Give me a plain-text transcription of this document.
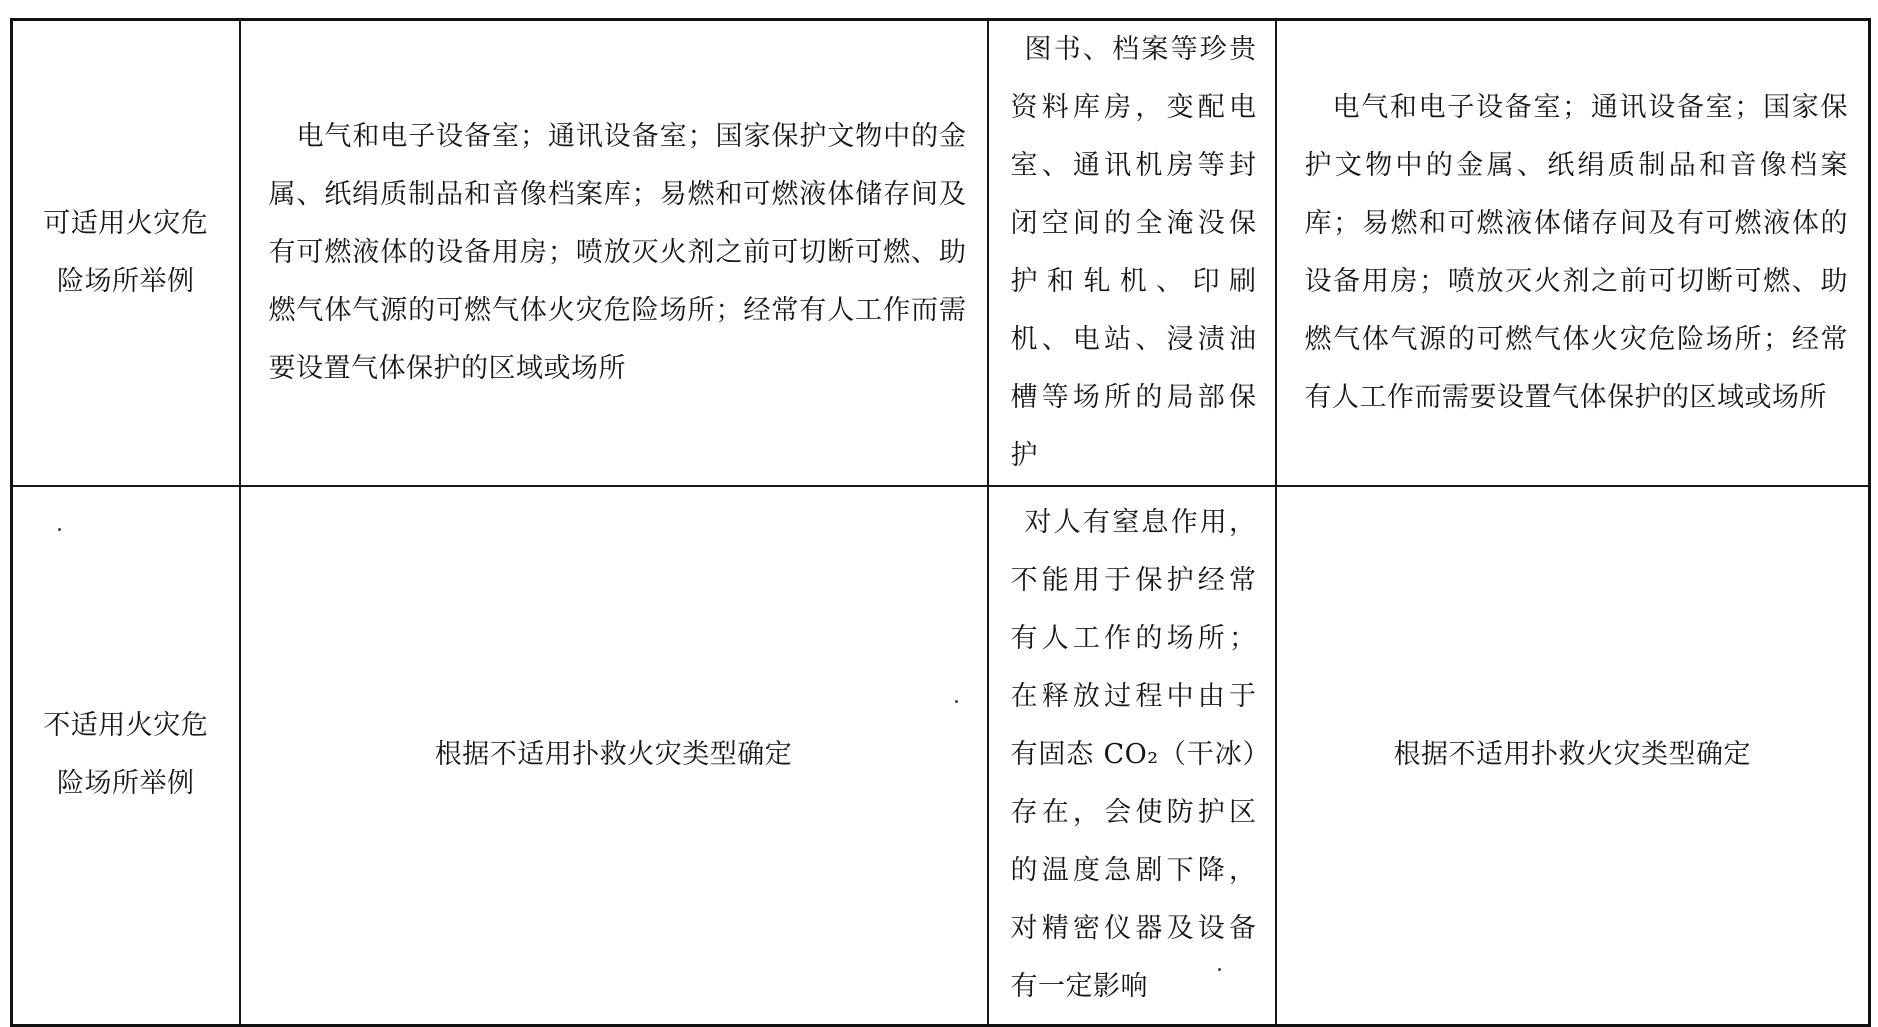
可适用火灾危险场所举例	电气和电子设备室；通讯设备室；国家保护文物中的金属、纸绢质制品和音像档案库；易燃和可燃液体储存间及有可燃液体的设备用房；喷放灭火剂之前可切断可燃、助燃气体气源的可燃气体火灾危险场所；经常有人工作而需要设置气体保护的区域或场所	图书、档案等珍贵资料库房，变配电室、通讯机房等封闭空间的全淹没保护和轧机、印刷机、电站、浸渍油槽等场所的局部保护	电气和电子设备室；通讯设备室；国家保护文物中的金属、纸绢质制品和音像档案库；易燃和可燃液体储存间及有可燃液体的设备用房；喷放灭火剂之前可切断可燃、助燃气体气源的可燃气体火灾危险场所；经常有人工作而需要设置气体保护的区域或场所

不适用火灾危险场所举例	根据不适用扑救火灾类型确定	对人有窒息作用，不能用于保护经常有人工作的场所；在释放过程中由于有固态 CO₂（干冰）存在，会使防护区的温度急剧下降，对精密仪器及设备有一定影响	根据不适用扑救火灾类型确定
